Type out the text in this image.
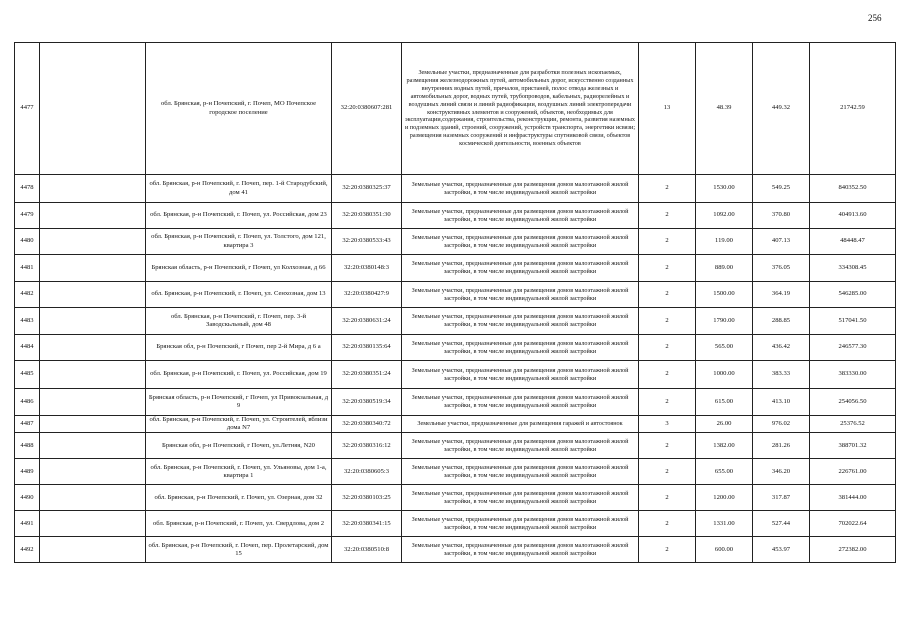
256
4477		обл. Брянская, р-н Почепский, г. Почеп, МО Почепское городское поселение	32:20:0380607:281	Земельные участки, предназначенные для разработки полезных ископаемых, размещения железнодорожных путей, автомобильных дорог, искусственно созданных внутренних водных путей, причалов, пристаней, полос отвода железных и автомобильных дорог, водных путей, трубопроводов, кабельных, радиорелейных и воздушных линий связи и линий радиофикации, воздушных линий электропередачи конструктивных элементов и сооружений, объектов, необходимых для эксплуатации,содержания, строительства, реконструкции, ремонта, развития наземных и подземных зданий, строений, сооружений, устройств транспорта, энергетики исвязи; размещения наземных сооружений и инфраструктуры спутниковой связи, объектов космической деятельности, военных объектов	13	48.39	449.32	21742.59
4478		обл. Брянская, р-н Почепский, г. Почеп, пер. 1-й Стародубский, дом 41	32:20:0380325:37	Земельные участки, предназначенные для размещения домов малоэтажной жилой застройки, в том числе индивидуальной жилой застройки	2	1530.00	549.25	840352.50
4479		обл. Брянская, р-н Почепский, г. Почеп, ул. Российская, дом 23	32:20:0380351:30	Земельные участки, предназначенные для размещения домов малоэтажной жилой застройки, в том числе индивидуальной жилой застройки	2	1092.00	370.80	404913.60
4480		обл. Брянская, р-н Почепский, г. Почеп, ул. Толстого, дом 121, квартира 3	32:20:0380533:43	Земельные участки, предназначенные для размещения домов малоэтажной жилой застройки, в том числе индивидуальной жилой застройки	2	119.00	407.13	48448.47
4481		Брянская область, р-н Почепский, г Почеп, ул Колхозная, д 66	32:20:0380148:3	Земельные участки, предназначенные для размещения домов малоэтажной жилой застройки, в том числе индивидуальной жилой застройки	2	889.00	376.05	334308.45
4482		обл. Брянская, р-н Почепский, г. Почеп, ул. Сенхозная, дом 13	32:20:0380427:9	Земельные участки, предназначенные для размещения домов малоэтажной жилой застройки, в том числе индивидуальной жилой застройки	2	1500.00	364.19	546285.00
4483		обл. Брянская, р-н Почепский, г. Почеп, пер. 3-й Заводскьльный, дом 48	32:20:0380631:24	Земельные участки, предназначенные для размещения домов малоэтажной жилой застройки, в том числе индивидуальной жилой застройки	2	1790.00	288.85	517041.50
4484		Брянская обл, р-н Почепский, г Почеп, пер 2-й Мира, д 6 а	32:20:0380135:64	Земельные участки, предназначенные для размещения домов малоэтажной жилой застройки, в том числе индивидуальной жилой застройки	2	565.00	436.42	246577.30
4485		обл. Брянская, р-н Почепский, г. Почеп, ул. Российская, дом 19	32:20:0380351:24	Земельные участки, предназначенные для размещения домов малоэтажной жилой застройки, в том числе индивидуальной жилой застройки	2	1000.00	383.33	383330.00
4486		Брянская область, р-н Почепский, г Почеп, ул Привокзальная, д 9	32:20:0380519:34	Земельные участки, предназначенные для размещения домов малоэтажной жилой застройки, в том числе индивидуальной жилой застройки	2	615.00	413.10	254056.50
4487		обл. Брянская, р-н Почепский, г. Почеп, ул. Строителей, вблизи дома N7	32:20:0380340:72	Земельные участки, предназначенные для размещения гаражей и автостоянок	3	26.00	976.02	25376.52
4488		Брянская обл, р-н Почепский, г Почеп, ул.Летняя, N20	32:20:0380316:12	Земельные участки, предназначенные для размещения домов малоэтажной жилой застройки, в том числе индивидуальной жилой застройки	2	1382.00	281.26	388701.32
4489		обл. Брянская, р-н Почепский, г. Почеп, ул. Ульяновы, дом 1-а, квартира 1	32:20:0380605:3	Земельные участки, предназначенные для размещения домов малоэтажной жилой застройки, в том числе индивидуальной жилой застройки	2	655.00	346.20	226761.00
4490		обл. Брянская, р-н Почепский, г. Почеп, ул. Озерная, дом 32	32:20:0380103:25	Земельные участки, предназначенные для размещения домов малоэтажной жилой застройки, в том числе индивидуальной жилой застройки	2	1200.00	317.87	381444.00
4491		обл. Брянская, р-н Почепский, г. Почеп, ул. Свердлова, дом 2	32:20:0380341:15	Земельные участки, предназначенные для размещения домов малоэтажной жилой застройки, в том числе индивидуальной жилой застройки	2	1331.00	527.44	702022.64
4492		обл. Брянская, р-н Почепский, г. Почеп, пер. Пролетарский, дом 15	32:20:0380510:8	Земельные участки, предназначенные для размещения домов малоэтажной жилой застройки, в том числе индивидуальной жилой застройки	2	600.00	453.97	272382.00
